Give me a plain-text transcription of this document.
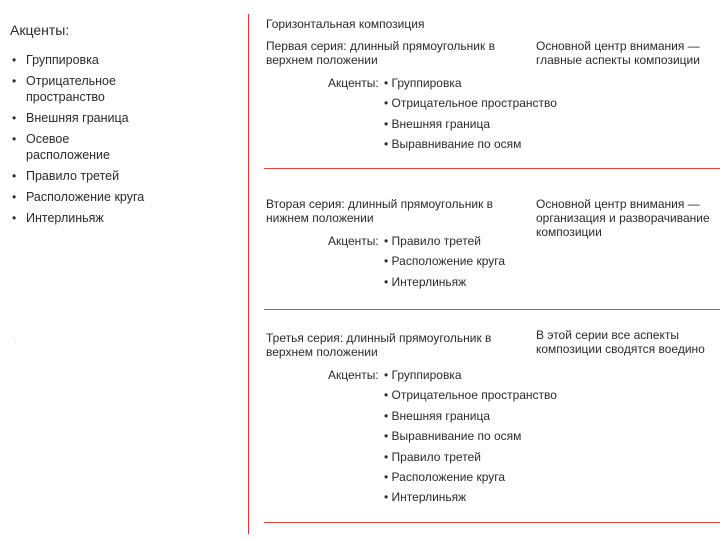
Акценты:
• Группировка
• Отрицательное пространство
• Внешняя граница
• Осевое расположение
• Правило третей
• Расположение круга
• Интерлиньяж
.
Горизонтальная композиция
Первая серия: длинный прямоугольник в верхнем положении
Основной центр внимания — главные аспекты композиции
Акценты:	• Группировка
• Отрицательное пространство
• Внешняя граница
• Выравнивание по осям
Вторая серия: длинный прямоугольник в нижнем положении
Основной центр внимания — организация и разворачивание композиции
Акценты:	• Правило третей
• Расположение круга
• Интерлиньяж
Третья серия: длинный прямоугольник в верхнем положении
В этой серии все аспекты композиции сводятся воедино
Акценты:	• Группировка
• Отрицательное пространство
• Внешняя граница
• Выравнивание по осям
• Правило третей
• Расположение круга
• Интерлиньяж
